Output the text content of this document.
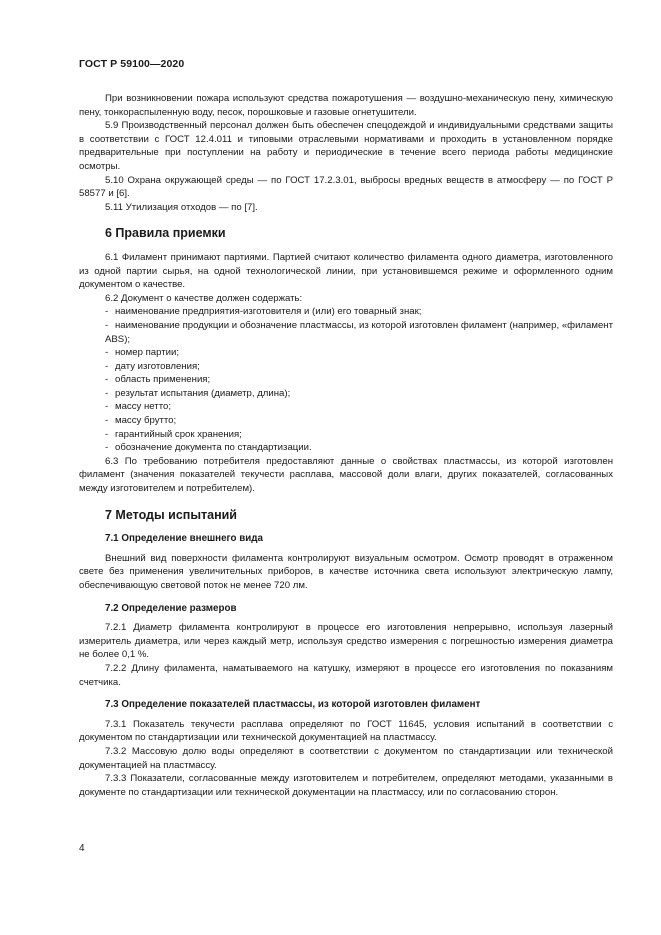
ГОСТ Р 59100—2020

При возникновении пожара используют средства пожаротушения — воздушно-механическую пену, химическую пену, тонкораспыленную воду, песок, порошковые и газовые огнетушители.

5.9 Производственный персонал должен быть обеспечен спецодеждой и индивидуальными средствами защиты в соответствии с ГОСТ 12.4.011 и типовыми отраслевыми нормативами и проходить в установленном порядке предварительные при поступлении на работу и периодические в течение всего периода работы медицинские осмотры.

5.10 Охрана окружающей среды — по ГОСТ 17.2.3.01, выбросы вредных веществ в атмосферу — по ГОСТ Р 58577 и [6].

5.11 Утилизация отходов — по [7].

6 Правила приемки

6.1 Филамент принимают партиями. Партией считают количество филамента одного диаметра, изготовленного из одной партии сырья, на одной технологической линии, при установившемся режиме и оформленного одним документом о качестве.

6.2 Документ о качестве должен содержать:

- наименование предприятия-изготовителя и (или) его товарный знак;

- наименование продукции и обозначение пластмассы, из которой изготовлен филамент (например, «филамент ABS);

- номер партии;

- дату изготовления;

- область применения;

- результат испытания (диаметр, длина);

- массу нетто;

- массу брутто;

- гарантийный срок хранения;

- обозначение документа по стандартизации.

6.3 По требованию потребителя предоставляют данные о свойствах пластмассы, из которой изготовлен филамент (значения показателей текучести расплава, массовой доли влаги, других показателей, согласованных между изготовителем и потребителем).

7 Методы испытаний
7.1 Определение внешнего вида

Внешний вид поверхности филамента контролируют визуальным осмотром. Осмотр проводят в отраженном свете без применения увеличительных приборов, в качестве источника света используют электрическую лампу, обеспечивающую световой поток не менее 720 лм.

7.2 Определение размеров

7.2.1 Диаметр филамента контролируют в процессе его изготовления непрерывно, используя лазерный измеритель диаметра, или через каждый метр, используя средство измерения с погрешностью измерения диаметра не более 0,1 %.

7.2.2 Длину филамента, наматываемого на катушку, измеряют в процессе его изготовления по показаниям счетчика.

7.3 Определение показателей пластмассы, из которой изготовлен филамент

7.3.1 Показатель текучести расплава определяют по ГОСТ 11645, условия испытаний в соответствии с документом по стандартизации или технической документацией на пластмассу.

7.3.2 Массовую долю воды определяют в соответствии с документом по стандартизации или технической документацией на пластмассу.

7.3.3 Показатели, согласованные между изготовителем и потребителем, определяют методами, указанными в документе по стандартизации или технической документации на пластмассу, или по согласованию сторон.

4
